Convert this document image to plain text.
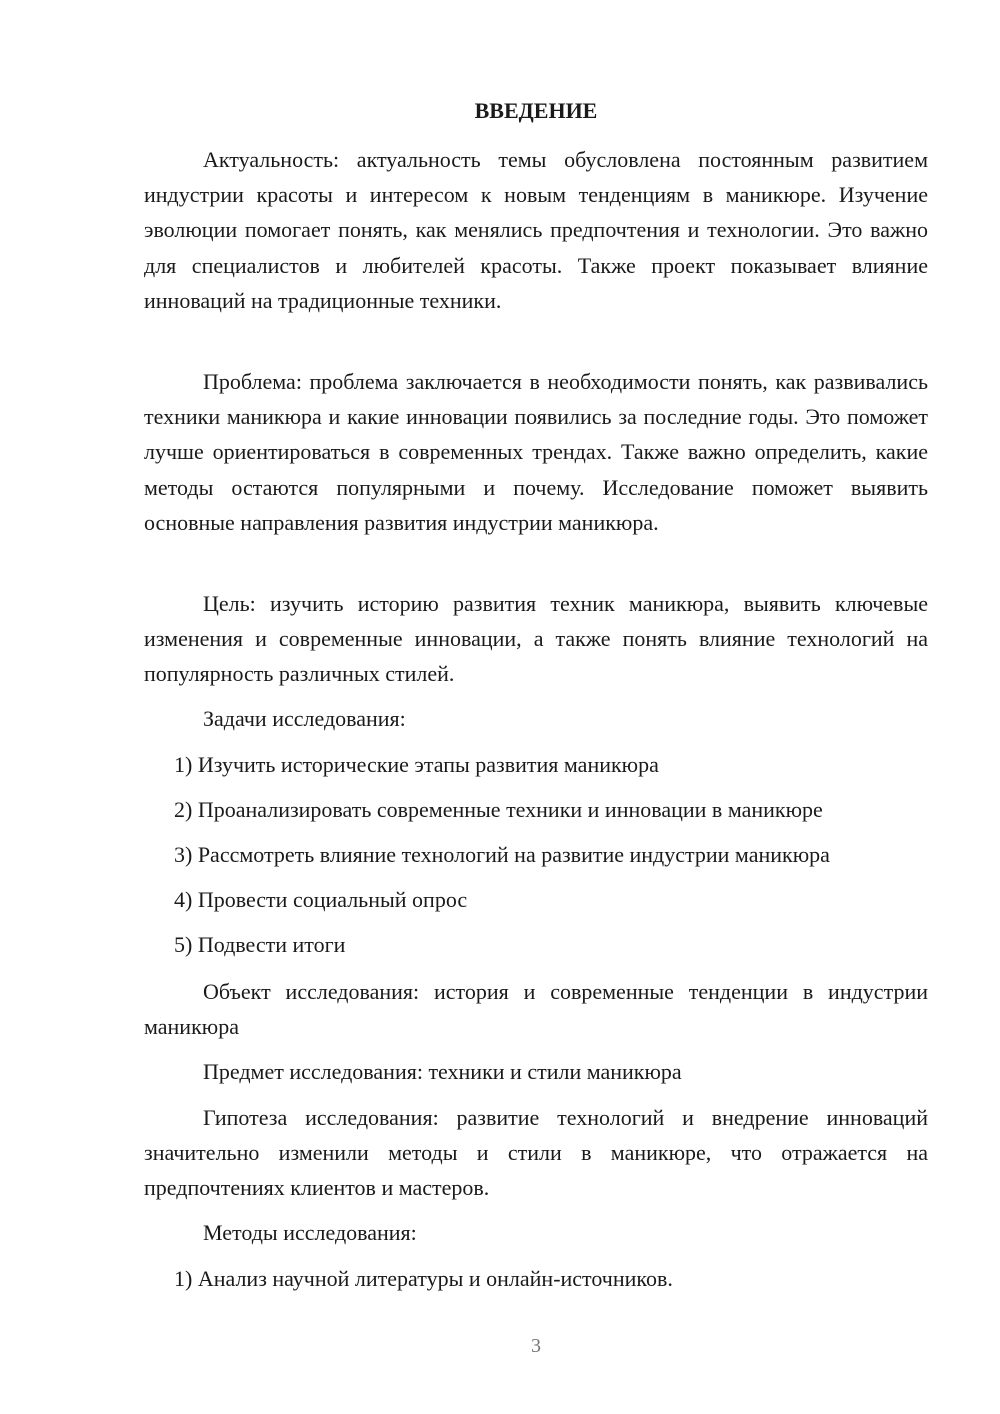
ВВЕДЕНИЕ

Актуальность: актуальность темы обусловлена постоянным развитием индустрии красоты и интересом к новым тенденциям в маникюре. Изучение эволюции помогает понять, как менялись предпочтения и технологии. Это важно для специалистов и любителей красоты. Также проект показывает влияние инноваций на традиционные техники.

Проблема: проблема заключается в необходимости понять, как развивались техники маникюра и какие инновации появились за последние годы. Это поможет лучше ориентироваться в современных трендах. Также важно определить, какие методы остаются популярными и почему. Исследование поможет выявить основные направления развития индустрии маникюра.

Цель: изучить историю развития техник маникюра, выявить ключевые изменения и современные инновации, а также понять влияние технологий на популярность различных стилей.

Задачи исследования:

1) Изучить исторические этапы развития маникюра

2) Проанализировать современные техники и инновации в маникюре

3) Рассмотреть влияние технологий на развитие индустрии маникюра

4) Провести социальный опрос

5) Подвести итоги

Объект исследования: история и современные тенденции в индустрии маникюра

Предмет исследования: техники и стили маникюра

Гипотеза исследования: развитие технологий и внедрение инноваций значительно изменили методы и стили в маникюре, что отражается на предпочтениях клиентов и мастеров.

Методы исследования:

1) Анализ научной литературы и онлайн-источников.

3
